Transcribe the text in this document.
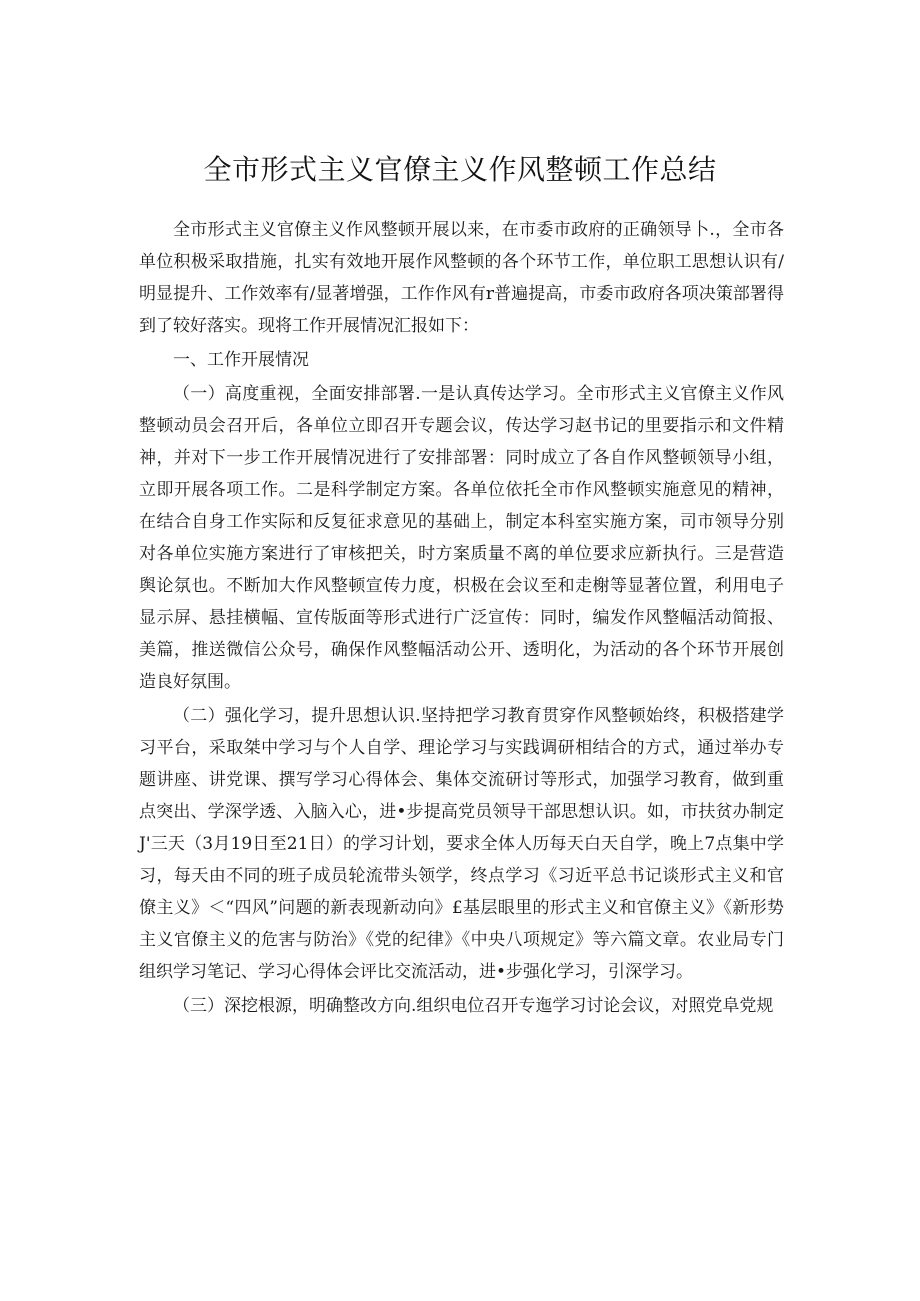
全市形式主义官僚主义作风整顿工作总结

全市形式主义官僚主义作风整顿开展以来，在市委市政府的正确领导卜.，全市各单位积极采取措施，扎实有效地开展作风整顿的各个环节工作，单位职工思想认识有/明显提升、工作效率有/显著增强，工作作风有r普遍提高，市委市政府各项决策部署得到了较好落实。现将工作开展情况汇报如下：

一、工作开展情况

（一）高度重视，全面安排部署.一是认真传达学习。全市形式主义官僚主义作风整顿动员会召开后，各单位立即召开专题会议，传达学习赵书记的里要指示和文件精神，并对下一步工作开展情况进行了安排部署：同时成立了各自作风整顿领导小组，立即开展各项工作。二是科学制定方案。各单位依托全市作风整顿实施意见的精神，在结合自身工作实际和反复征求意见的基础上，制定本科室实施方案，司市领导分别对各单位实施方案进行了审核把关，时方案质量不离的单位要求应新执行。三是营造舆论氛也。不断加大作风整顿宣传力度，枳极在会议至和走榭等显著位置，利用电子显示屏、悬挂横幅、宣传版面等形式进行广泛宣传：同时，编发作风整幅活动简报、美篇，推送微信公众号，确保作风整幅活动公开、透明化，为活动的各个环节开展创造良好氛围。

（二）强化学习，提升思想认识.坚持把学习教育贯穿作风整顿始终，积极搭建学习平台，采取桀中学习与个人自学、理论学习与实践调研相结合的方式，通过举办专题讲座、讲党课、撰写学习心得体会、集体交流研讨等形式，加强学习教育，做到重点突出、学深学透、入脑入心，进•步提高党员领导干部思想认识。如，市扶贫办制定J'三天（3月19日至21日）的学习计划，要求全体人历每天白天自学，晚上7点集中学习，每天由不同的班子成员轮流带头领学，终点学习《习近平总书记谈形式主义和官僚主义》＜“四风”问题的新表现新动向》£基层眼里的形式主义和官僚主义》《新形势主义官僚主义的危害与防治》《党的纪律》《中央八项规定》等六篇文章。农业局专门组织学习笔记、学习心得体会评比交流活动，进•步强化学习，引深学习。

（三）深挖根源，明确整改方向.组织电位召开专迤学习讨论会议，对照党阜党规
